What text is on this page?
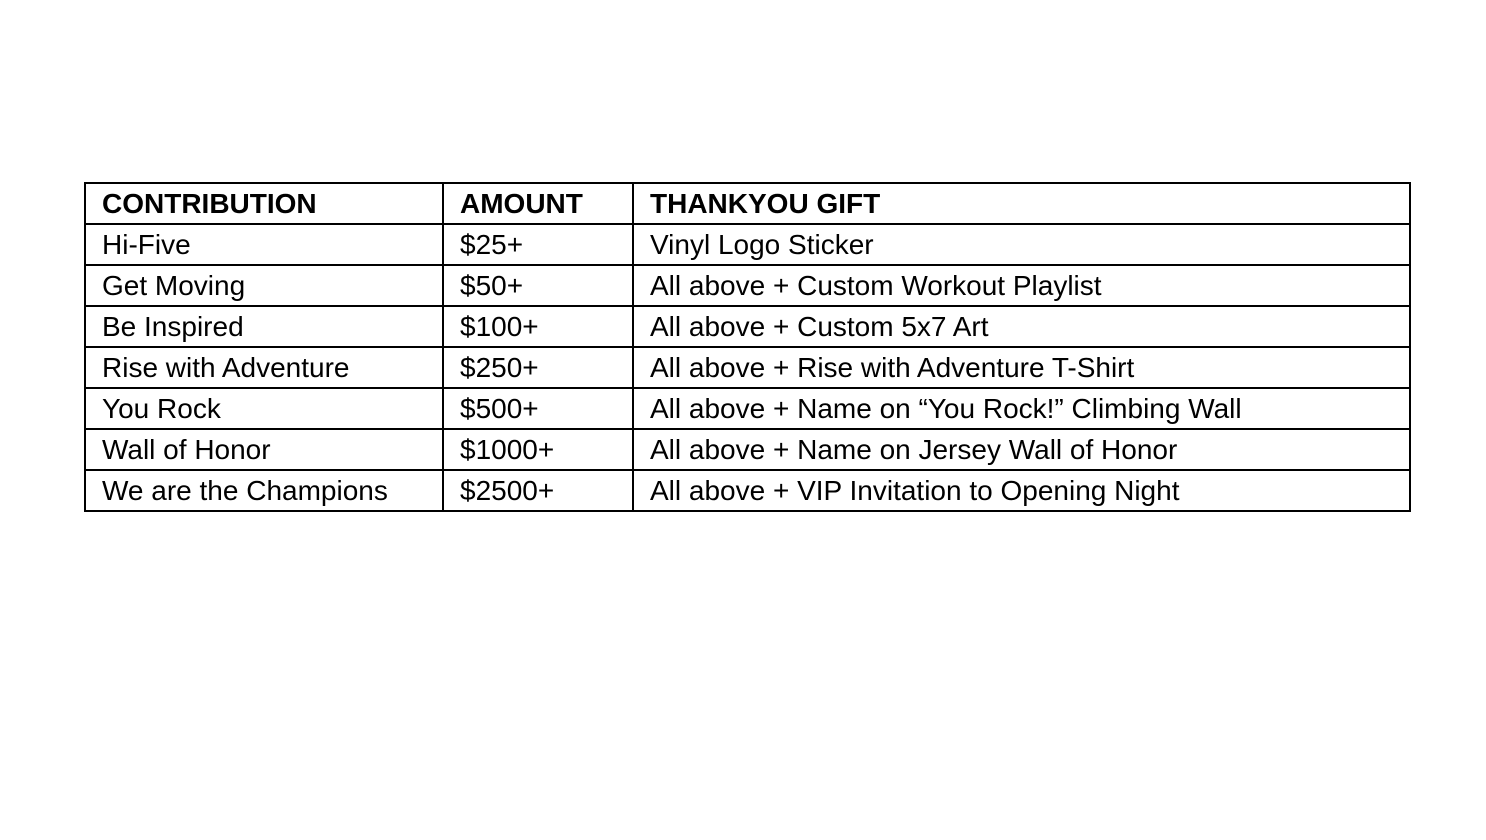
CONTRIBUTION	AMOUNT	THANKYOU GIFT
Hi-Five	$25+	Vinyl Logo Sticker
Get Moving	$50+	All above + Custom Workout Playlist
Be Inspired	$100+	All above + Custom 5x7 Art
Rise with Adventure	$250+	All above + Rise with Adventure T-Shirt
You Rock	$500+	All above + Name on “You Rock!” Climbing Wall
Wall of Honor	$1000+	All above + Name on Jersey Wall of Honor
We are the Champions	$2500+	All above + VIP Invitation to Opening Night
